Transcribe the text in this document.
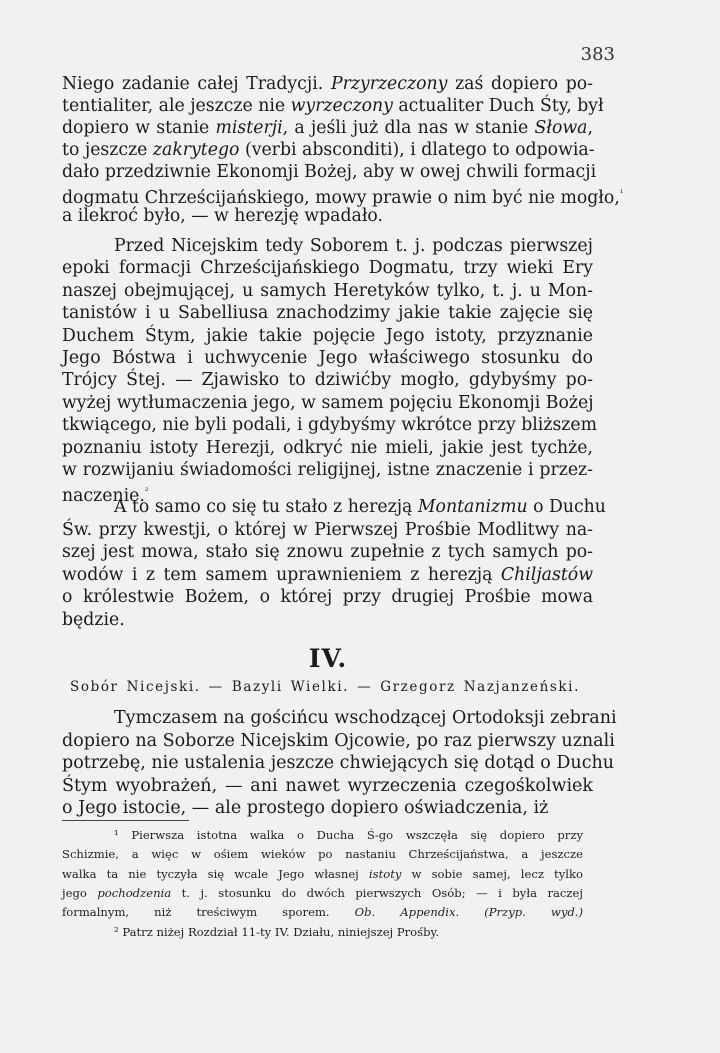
383
Niego zadanie całej Tradycji. Przyrzeczony zaś dopiero po-
tentialiter, ale jeszcze nie wyrzeczony actualiter Duch Śty, był
dopiero w stanie misterji, a jeśli już dla nas w stanie Słowa,
to jeszcze zakrytego (verbi absconditi), i dlatego to odpowia-
dało przedziwnie Ekonomji Bożej, aby w owej chwili formacji
dogmatu Chrześcijańskiego, mowy prawie o nim być nie mogło,$^{^1}$
a ilekroć było, — w herezję wpadało.
Przed Nicejskim tedy Soborem t. j. podczas pierwszej
epoki formacji Chrześcijańskiego Dogmatu, trzy wieki Ery
naszej obejmującej, u samych Heretyków tylko, t. j. u Mon-
tanistów i u Sabelliusa znachodzimy jakie takie zajęcie się
Duchem Śtym, jakie takie pojęcie Jego istoty, przyznanie
Jego Bóstwa i uchwycenie Jego właściwego stosunku do
Trójcy Śtej. — Zjawisko to dziwićby mogło, gdybyśmy po-
wyżej wytłumaczenia jego, w samem pojęciu Ekonomji Bożej
tkwiącego, nie byli podali, i gdybyśmy wkrótce przy bliższem
poznaniu istoty Herezji, odkryć nie mieli, jakie jest tychże,
w rozwijaniu świadomości religijnej, istne znaczenie i przez-
naczenie.$^{^2}$
A to samo co się tu stało z herezją Montanizmu o Duchu
Św. przy kwestji, o której w Pierwszej Prośbie Modlitwy na-
szej jest mowa, stało się znowu zupełnie z tych samych po-
wodów i z tem samem uprawnieniem z herezją Chiljastów
o królestwie Bożem, o której przy drugiej Prośbie mowa
będzie.
IV.
Sobór Nicejski. — Bazyli Wielki. — Grzegorz Nazjanzeński.
Tymczasem na gościńcu wschodzącej Ortodoksji zebrani
dopiero na Soborze Nicejskim Ojcowie, po raz pierwszy uznali
potrzebę, nie ustalenia jeszcze chwiejących się dotąd o Duchu
Śtym wyobrażeń, — ani nawet wyrzeczenia czegośkolwiek
o Jego istocie, — ale prostego dopiero oświadczenia, iż
¹ Pierwsza istotna walka o Ducha Ś-go wszczęła się dopiero przy
Schizmie, a więc w ośiem wieków po nastaniu Chrześcijaństwa, a jeszcze
walka ta nie tyczyła się wcale Jego własnej istoty w sobie samej, lecz tylko
jego pochodzenia t. j. stosunku do dwóch pierwszych Osób; — i była raczej
formalnym, niż treściwym sporem. Ob. Appendix. (Przyp. wyd.)
² Patrz niżej Rozdział 11-ty IV. Działu, niniejszej Prośby.
